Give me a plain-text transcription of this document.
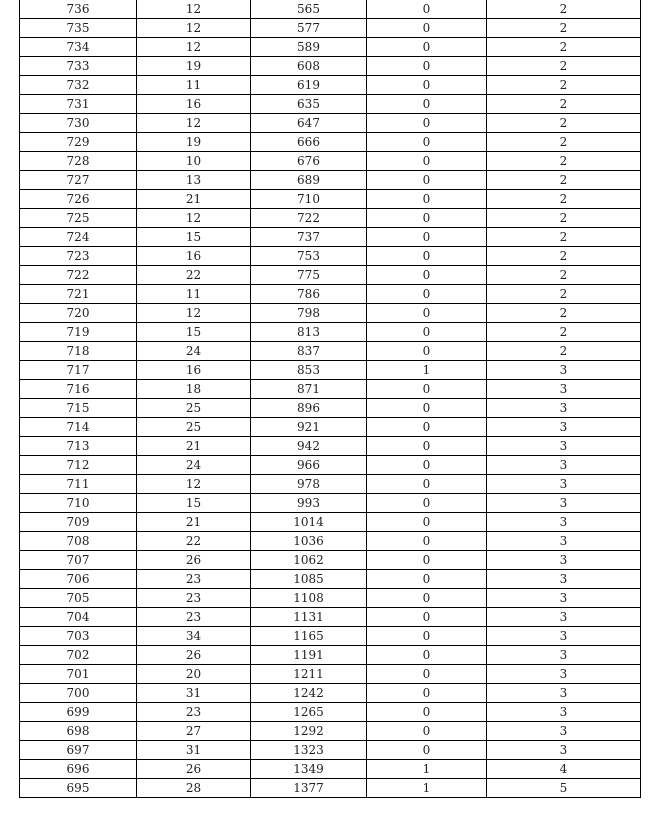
736	12	565	0	2
735	12	577	0	2
734	12	589	0	2
733	19	608	0	2
732	11	619	0	2
731	16	635	0	2
730	12	647	0	2
729	19	666	0	2
728	10	676	0	2
727	13	689	0	2
726	21	710	0	2
725	12	722	0	2
724	15	737	0	2
723	16	753	0	2
722	22	775	0	2
721	11	786	0	2
720	12	798	0	2
719	15	813	0	2
718	24	837	0	2
717	16	853	1	3
716	18	871	0	3
715	25	896	0	3
714	25	921	0	3
713	21	942	0	3
712	24	966	0	3
711	12	978	0	3
710	15	993	0	3
709	21	1014	0	3
708	22	1036	0	3
707	26	1062	0	3
706	23	1085	0	3
705	23	1108	0	3
704	23	1131	0	3
703	34	1165	0	3
702	26	1191	0	3
701	20	1211	0	3
700	31	1242	0	3
699	23	1265	0	3
698	27	1292	0	3
697	31	1323	0	3
696	26	1349	1	4
695	28	1377	1	5
